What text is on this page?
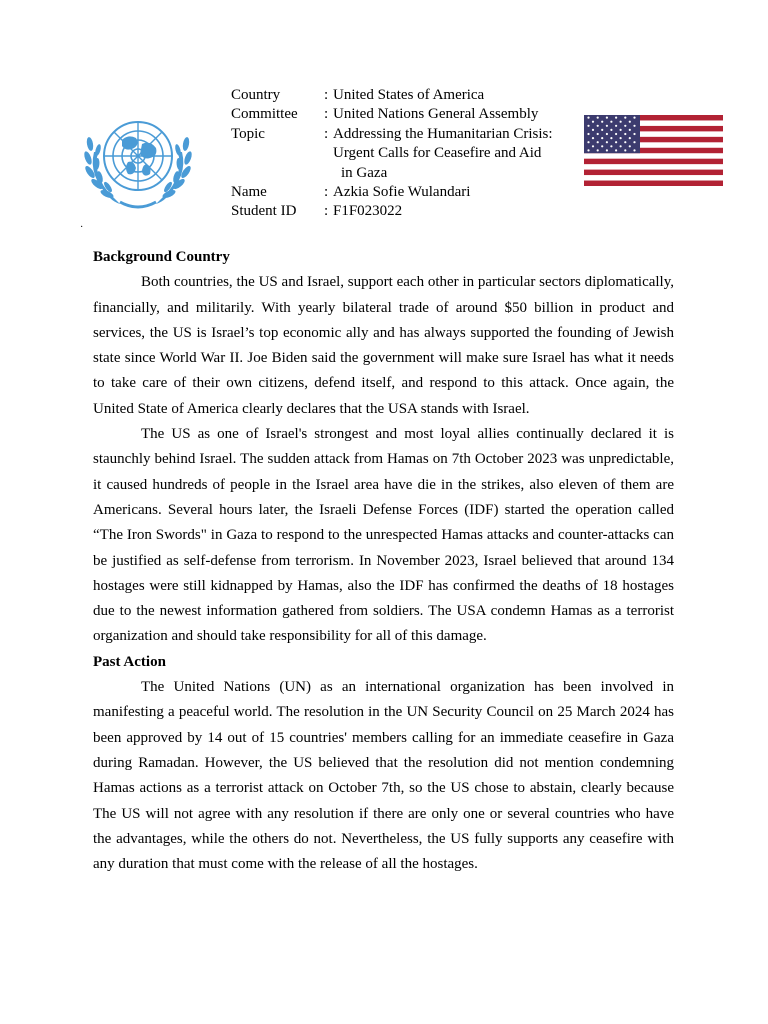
Country	: United States of America
Committee	: United Nations General Assembly
Topic	: Addressing the Humanitarian Crisis:
Urgent Calls for Ceasefire and Aid
in Gaza
Name	: Azkia Sofie Wulandari
Student ID	: F1F023022
·
Background Country

Both countries, the US and Israel, support each other in particular sectors diplomatically, financially, and militarily. With yearly bilateral trade of around $50 billion in product and services, the US is Israel’s top economic ally and has always supported the founding of Jewish state since World War II. Joe Biden said the government will make sure Israel has what it needs to take care of their own citizens, defend itself, and respond to this attack. Once again, the United State of America clearly declares that the USA stands with Israel.

The US as one of Israel's strongest and most loyal allies continually declared it is staunchly behind Israel. The sudden attack from Hamas on 7th October 2023 was unpredictable, it caused hundreds of people in the Israel area have die in the strikes, also eleven of them are Americans. Several hours later, the Israeli Defense Forces (IDF) started the operation called “The Iron Swords" in Gaza to respond to the unrespected Hamas attacks and counter-attacks can be justified as self-defense from terrorism. In November 2023, Israel believed that around 134 hostages were still kidnapped by Hamas, also the IDF has confirmed the deaths of 18 hostages due to the newest information gathered from soldiers. The USA condemn Hamas as a terrorist organization and should take responsibility for all of this damage.

Past Action

The United Nations (UN) as an international organization has been involved in manifesting a peaceful world. The resolution in the UN Security Council on 25 March 2024 has been approved by 14 out of 15 countries' members calling for an immediate ceasefire in Gaza during Ramadan. However, the US believed that the resolution did not mention condemning Hamas actions as a terrorist attack on October 7th, so the US chose to abstain, clearly because The US will not agree with any resolution if there are only one or several countries who have the advantages, while the others do not. Nevertheless, the US fully supports any ceasefire with any duration that must come with the release of all the hostages.
